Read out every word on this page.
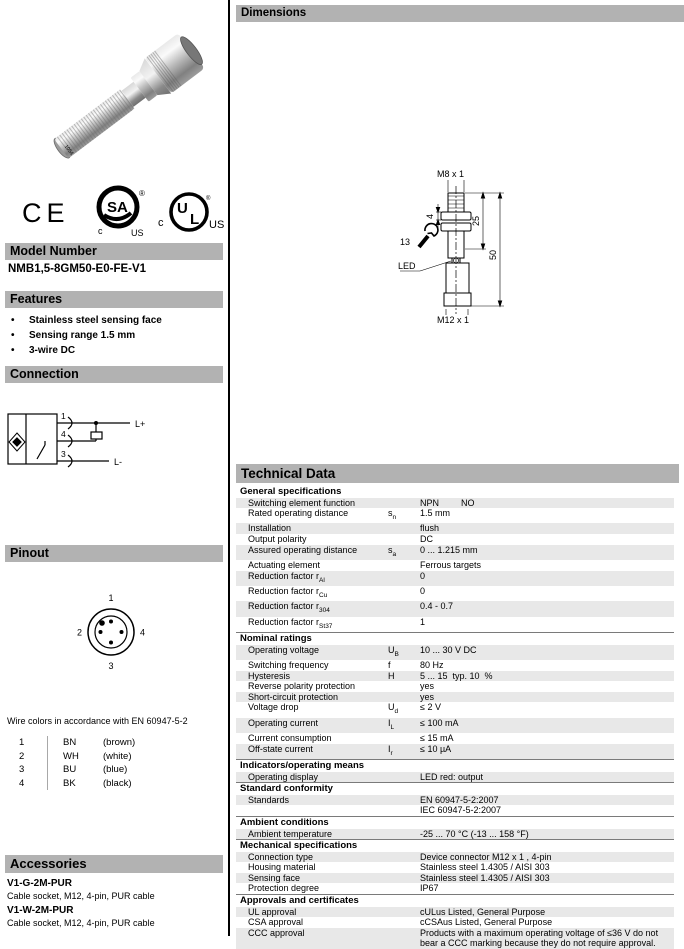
1054
CE SA
®
c	US
U
L
®
c	US
Model Number
NMB1,5-8GM50-E0-FE-V1
Features
•	Stainless steel sensing face
•	Sensing range 1.5 mm
•	3-wire DC
Connection
1
4
3
L+
L-
Pinout
1
2	4
3
Wire colors in accordance with EN 60947-5-2
1	BN	(brown)
2	WH	(white)
3	BU	(blue)
4	BK	(black)
Accessories
V1-G-2M-PUR
Cable socket, M12, 4-pin, PUR cable
V1-W-2M-PUR
Cable socket, M12, 4-pin, PUR cable
Dimensions
M8 x 1
4	25
50
13
LED
M12 x 1
Technical Data
General specifications
Switching element function	NPN NO
Rated operating distance	$s_n$	1.5 mm
Installation	flush
Output polarity	DC
Assured operating distance	$s_a$	0 ... 1.215 mm
Actuating element	Ferrous targets
Reduction factor $r_{Al}$	0
Reduction factor $r_{Cu}$	0
Reduction factor $r_{304}$	0.4 - 0.7
Reduction factor $r_{St37}$	1
Nominal ratings
Operating voltage	$U_B$	10 ... 30 V DC
Switching frequency	f	80 Hz
Hysteresis	H	5 ... 15  typ. 10  %
Reverse polarity protection	yes
Short-circuit protection	yes
Voltage drop	$U_d$	≤ 2 V
Operating current	$I_L$	≤ 100 mA
Current consumption	≤ 15 mA
Off-state current	$I_r$	≤ 10 µA
Indicators/operating means
Operating display	LED red: output
Standard conformity
Standards	EN 60947-5-2:2007
IEC 60947-5-2:2007
Ambient conditions
Ambient temperature	-25 ... 70 °C (-13 ... 158 °F)
Mechanical specifications
Connection type	Device connector M12 x 1 , 4-pin
Housing material	Stainless steel 1.4305 / AISI 303
Sensing face	Stainless steel 1.4305 / AISI 303
Protection degree	IP67
Approvals and certificates
UL approval	cULus Listed, General Purpose
CSA approval	cCSAus Listed, General Purpose
CCC approval	Products with a maximum operating voltage of ≤36 V do not bear a CCC marking because they do not require approval.
